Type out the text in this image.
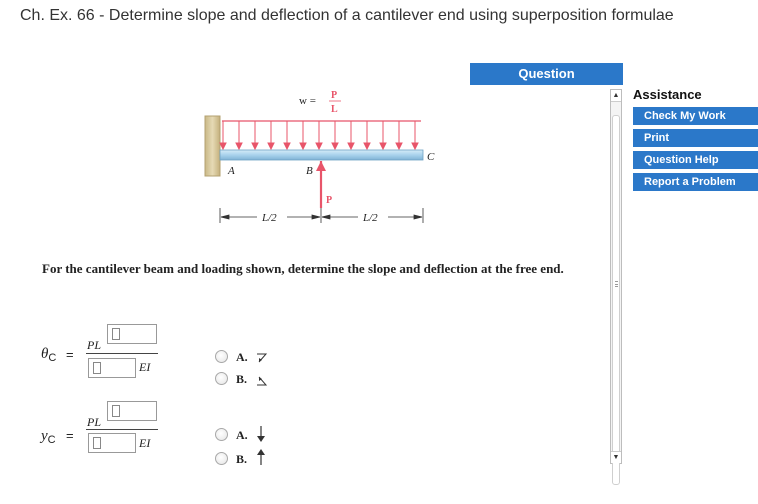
Ch. Ex. 66 - Determine slope and deflection of a cantilever end using superposition formulae
Question
w = P
L
A	B
C
P
L/2	L/2
For the cantilever beam and loading shown, determine the slope and deflection at the free end.
$\theta_C$ =
PL
EI
A.
B.
$y_C$ =
PL
EI
A.
B.
▲
▼
Assistance
Check My Work
Print
Question Help
Report a Problem
